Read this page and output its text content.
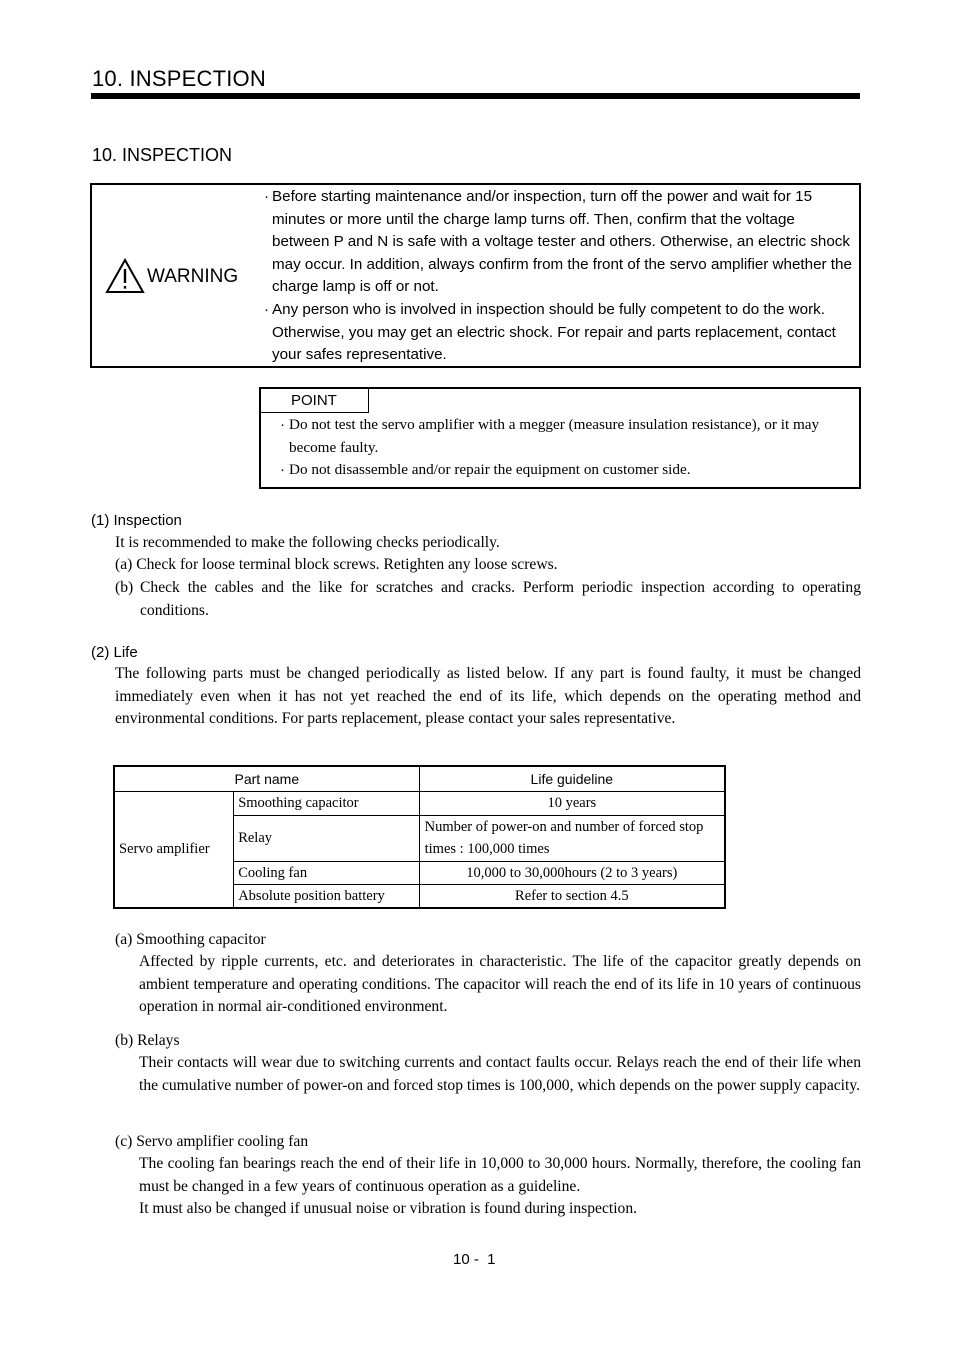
10. INSPECTION
10. INSPECTION
WARNING
· Before starting maintenance and/or inspection, turn off the power and wait for 15 minutes or more until the charge lamp turns off. Then, confirm that the voltage between P and N is safe with a voltage tester and others. Otherwise, an electric shock may occur. In addition, always confirm from the front of the servo amplifier whether the charge lamp is off or not.
· Any person who is involved in inspection should be fully competent to do the work. Otherwise, you may get an electric shock. For repair and parts replacement, contact your safes representative.
POINT
· Do not test the servo amplifier with a megger (measure insulation resistance), or it may become faulty.
· Do not disassemble and/or repair the equipment on customer side.
(1) Inspection
It is recommended to make the following checks periodically.
(a) Check for loose terminal block screws. Retighten any loose screws.
(b) Check the cables and the like for scratches and cracks. Perform periodic inspection according to operating conditions.
(2) Life
The following parts must be changed periodically as listed below. If any part is found faulty, it must be changed immediately even when it has not yet reached the end of its life, which depends on the operating method and environmental conditions. For parts replacement, please contact your sales representative.
Part name		Life guideline
Servo amplifier	Smoothing capacitor	10 years
	Relay	Number of power-on and number of forced stop times : 100,000 times
	Cooling fan	10,000 to 30,000hours (2 to 3 years)
	Absolute position battery	Refer to section 4.5
(a) Smoothing capacitor
Affected by ripple currents, etc. and deteriorates in characteristic. The life of the capacitor greatly depends on ambient temperature and operating conditions. The capacitor will reach the end of its life in 10 years of continuous operation in normal air-conditioned environment.
(b) Relays
Their contacts will wear due to switching currents and contact faults occur. Relays reach the end of their life when the cumulative number of power-on and forced stop times is 100,000, which depends on the power supply capacity.
(c) Servo amplifier cooling fan
The cooling fan bearings reach the end of their life in 10,000 to 30,000 hours. Normally, therefore, the cooling fan must be changed in a few years of continuous operation as a guideline.
It must also be changed if unusual noise or vibration is found during inspection.
10 -  1
